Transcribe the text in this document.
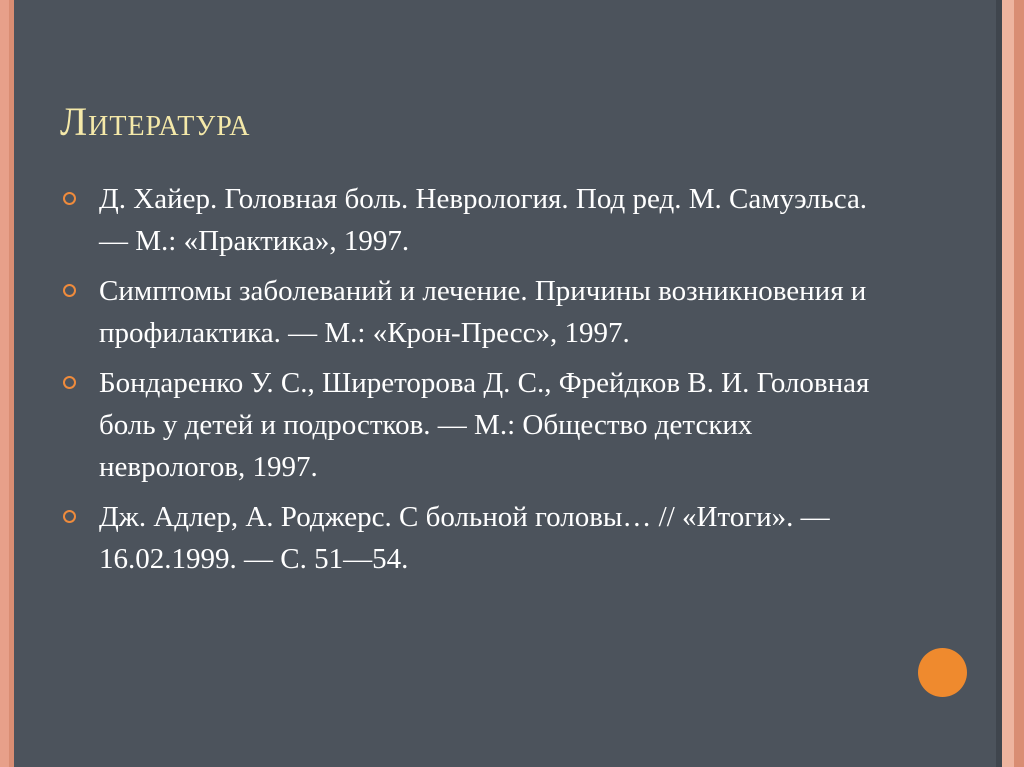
Литература
Д. Хайер. Головная боль. Неврология. Под ред. М. Самуэльса. — М.: «Практика», 1997.
Симптомы заболеваний и лечение. Причины возникновения и профилактика. — М.: «Крон-Пресс», 1997.
Бондаренко У. С., Ширеторова Д. С., Фрейдков В. И. Головная боль у детей и подростков. — М.: Общество детских неврологов, 1997.
Дж. Адлер, А. Роджерс. С больной головы… // «Итоги». — 16.02.1999. — С. 51—54.
